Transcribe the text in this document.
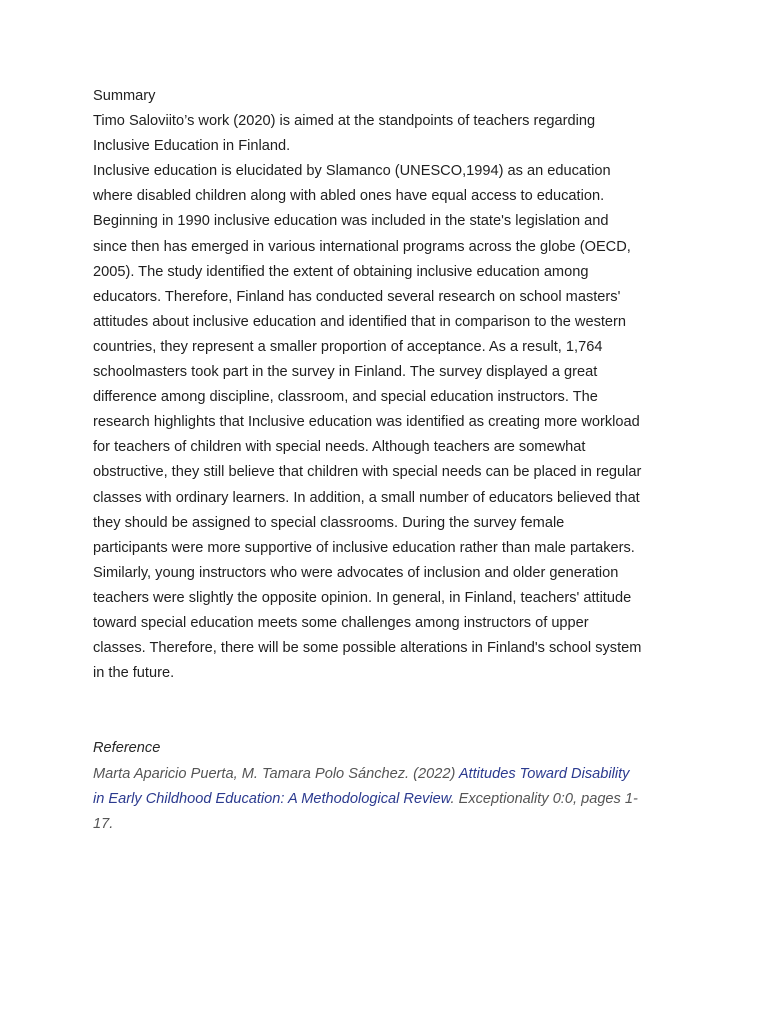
Summary
Timo Saloviito’s work (2020) is aimed at the standpoints of teachers regarding
Inclusive Education in Finland.
Inclusive education is elucidated by Slamanco (UNESCO,1994) as an education
where disabled children along with abled ones have equal access to education.
Beginning in 1990 inclusive education was included in the state's legislation and
since then has emerged in various international programs across the globe (OECD,
2005). The study identified the extent of obtaining inclusive education among
educators. Therefore, Finland has conducted several research on school masters'
attitudes about inclusive education and identified that in comparison to the western
countries, they represent a smaller proportion of acceptance. As a result, 1,764
schoolmasters took part in the survey in Finland. The survey displayed a great
difference among discipline, classroom, and special education instructors. The
research highlights that Inclusive education was identified as creating more workload
for teachers of children with special needs. Although teachers are somewhat
obstructive, they still believe that children with special needs can be placed in regular
classes with ordinary learners. In addition, a small number of educators believed that
they should be assigned to special classrooms. During the survey female
participants were more supportive of inclusive education rather than male partakers.
Similarly, young instructors who were advocates of inclusion and older generation
teachers were slightly the opposite opinion. In general, in Finland, teachers' attitude
toward special education meets some challenges among instructors of upper
classes. Therefore, there will be some possible alterations in Finland's school system
in the future.
Reference
Marta Aparicio Puerta, M. Tamara Polo Sánchez. (2022) Attitudes Toward Disability
in Early Childhood Education: A Methodological Review. Exceptionality 0:0, pages 1-
17.
